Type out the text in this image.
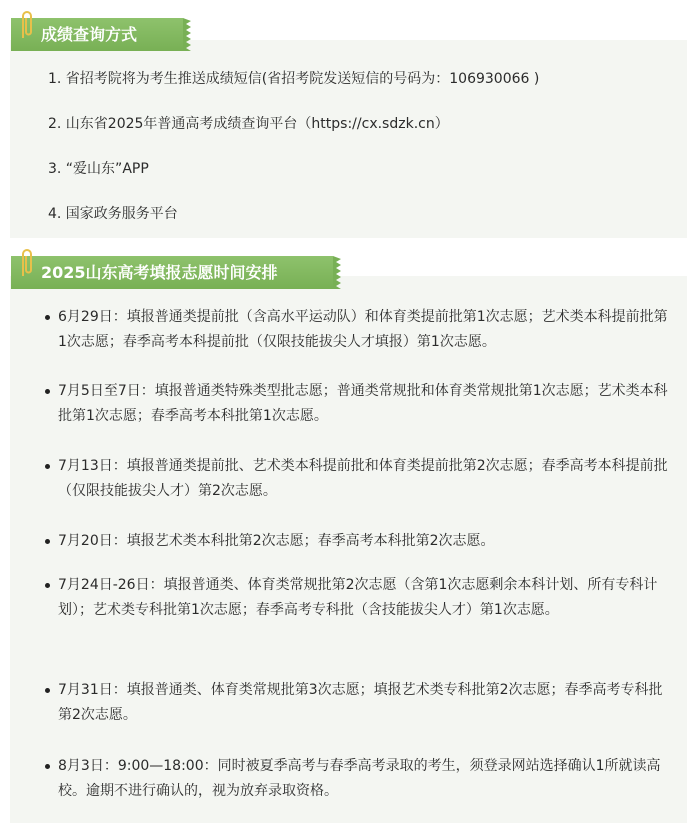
1. 省招考院将为考生推送成绩短信(省招考院发送短信的号码为：106930066 )
2. 山东省2025年普通高考成绩查询平台（https://cx.sdzk.cn）
3. “爱山东”APP
4. 国家政务服务平台
成绩查询方式
6月29日：填报普通类提前批（含高水平运动队）和体育类提前批第1次志愿；艺术类本科提前批第1次志愿；春季高考本科提前批（仅限技能拔尖人才填报）第1次志愿。
7月5日至7日：填报普通类特殊类型批志愿；普通类常规批和体育类常规批第1次志愿；艺术类本科批第1次志愿；春季高考本科批第1次志愿。
7月13日：填报普通类提前批、艺术类本科提前批和体育类提前批第2次志愿；春季高考本科提前批（仅限技能拔尖人才）第2次志愿。
7月20日：填报艺术类本科批第2次志愿；春季高考本科批第2次志愿。
7月24日-26日：填报普通类、体育类常规批第2次志愿（含第1次志愿剩余本科计划、所有专科计划）；艺术类专科批第1次志愿；春季高考专科批（含技能拔尖人才）第1次志愿。
7月31日：填报普通类、体育类常规批第3次志愿；填报艺术类专科批第2次志愿；春季高考专科批第2次志愿。
8月3日：9:00—18:00：同时被夏季高考与春季高考录取的考生，须登录网站选择确认1所就读高校。逾期不进行确认的，视为放弃录取资格。
2025山东高考填报志愿时间安排
